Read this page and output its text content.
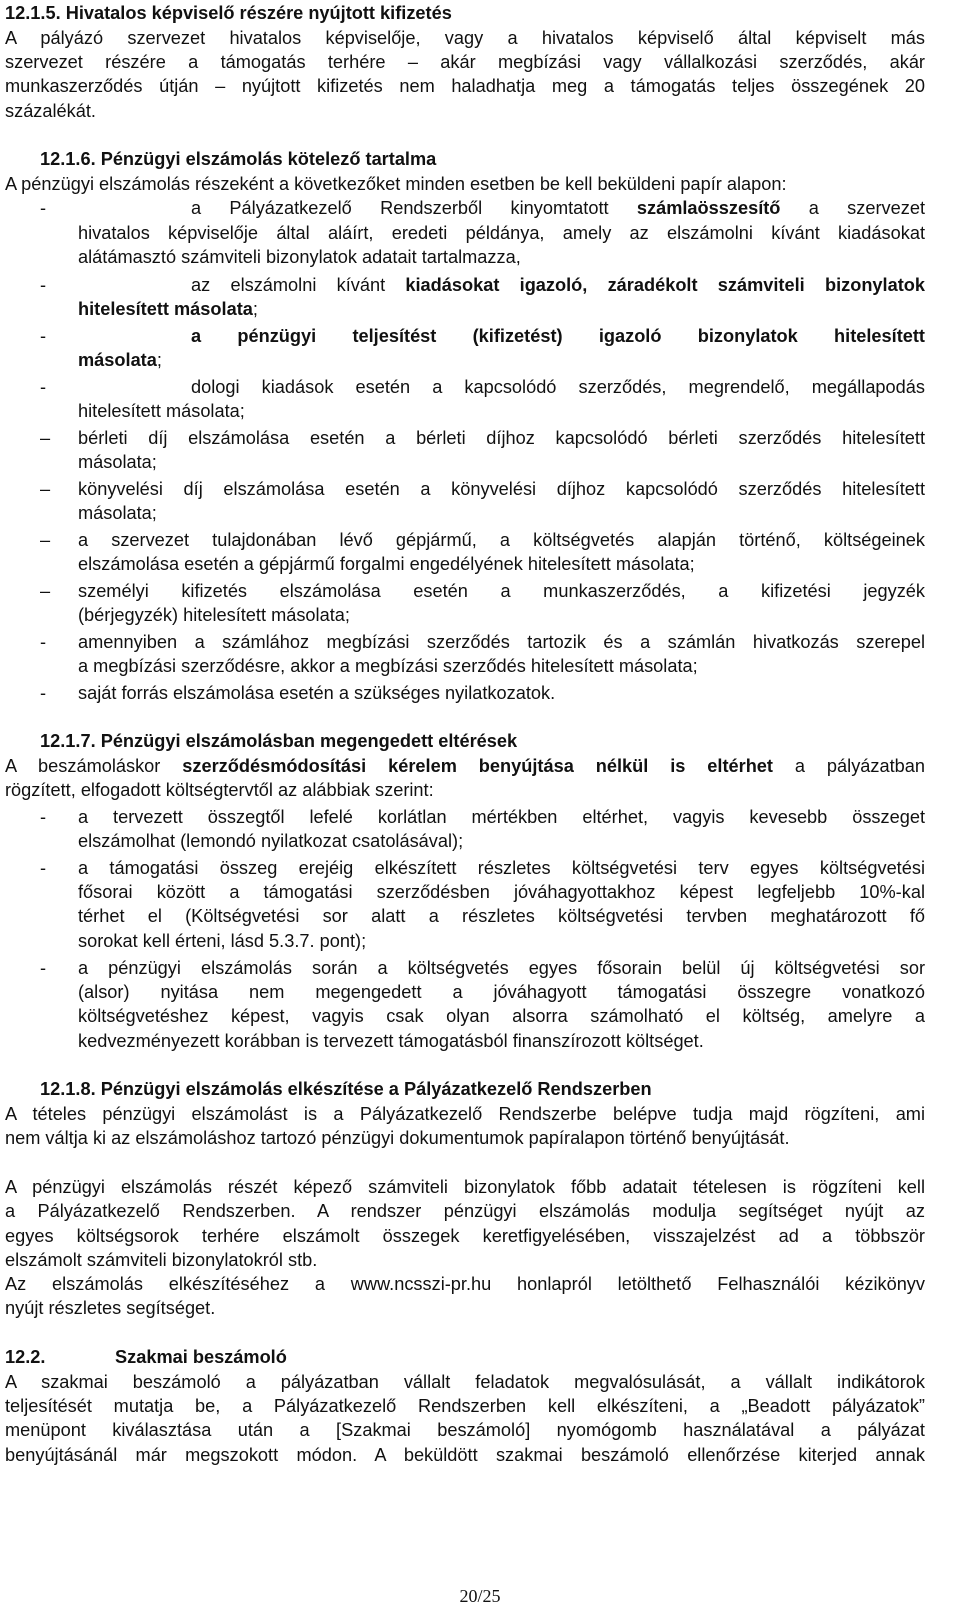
12.1.5. Hivatalos képviselő részére nyújtott kifizetés
A pályázó szervezet hivatalos képviselője, vagy a hivatalos képviselő által képviselt más
szervezet részére a támogatás terhére – akár megbízási vagy vállalkozási szerződés, akár
munkaszerződés útján – nyújtott kifizetés nem haladhatja meg a támogatás teljes összegének 20
százalékát.
12.1.6. Pénzügyi elszámolás kötelező tartalma
A pénzügyi elszámolás részeként a következőket minden esetben be kell beküldeni papír alapon:
-	a Pályázatkezelő Rendszerből kinyomtatott számlaösszesítő a szervezet
hivatalos képviselője által aláírt, eredeti példánya, amely az elszámolni kívánt kiadásokat
alátámasztó számviteli bizonylatok adatait tartalmazza,
-	az elszámolni kívánt kiadásokat igazoló, záradékolt számviteli bizonylatok
hitelesített másolata;
-	a pénzügyi teljesítést (kifizetést) igazoló bizonylatok hitelesített
másolata;
-	dologi kiadások esetén a kapcsolódó szerződés, megrendelő, megállapodás
hitelesített másolata;
– bérleti díj elszámolása esetén a bérleti díjhoz kapcsolódó bérleti szerződés hitelesített
másolata;
– könyvelési díj elszámolása esetén a könyvelési díjhoz kapcsolódó szerződés hitelesített
másolata;
– a szervezet tulajdonában lévő gépjármű, a költségvetés alapján történő, költségeinek
elszámolása esetén a gépjármű forgalmi engedélyének hitelesített másolata;
– személyi kifizetés elszámolása esetén a munkaszerződés, a kifizetési jegyzék
(bérjegyzék) hitelesített másolata;
- amennyiben a számlához megbízási szerződés tartozik és a számlán hivatkozás szerepel
a megbízási szerződésre, akkor a megbízási szerződés hitelesített másolata;
- saját forrás elszámolása esetén a szükséges nyilatkozatok.
12.1.7. Pénzügyi elszámolásban megengedett eltérések
A beszámoláskor szerződésmódosítási kérelem benyújtása nélkül is eltérhet a pályázatban
rögzített, elfogadott költségtervtől az alábbiak szerint:
- a tervezett összegtől lefelé korlátlan mértékben eltérhet, vagyis kevesebb összeget
elszámolhat (lemondó nyilatkozat csatolásával);
- a támogatási összeg erejéig elkészített részletes költségvetési terv egyes költségvetési
fősorai között a támogatási szerződésben jóváhagyottakhoz képest legfeljebb 10%-kal
térhet el (Költségvetési sor alatt a részletes költségvetési tervben meghatározott fő
sorokat kell érteni, lásd 5.3.7. pont);
- a pénzügyi elszámolás során a költségvetés egyes fősorain belül új költségvetési sor
(alsor) nyitása nem megengedett a jóváhagyott támogatási összegre vonatkozó
költségvetéshez képest, vagyis csak olyan alsorra számolható el költség, amelyre a
kedvezményezett korábban is tervezett támogatásból finanszírozott költséget.
12.1.8. Pénzügyi elszámolás elkészítése a Pályázatkezelő Rendszerben
A tételes pénzügyi elszámolást is a Pályázatkezelő Rendszerbe belépve tudja majd rögzíteni, ami
nem váltja ki az elszámoláshoz tartozó pénzügyi dokumentumok papíralapon történő benyújtását.
A pénzügyi elszámolás részét képező számviteli bizonylatok főbb adatait tételesen is rögzíteni kell
a Pályázatkezelő Rendszerben. A rendszer pénzügyi elszámolás modulja segítséget nyújt az
egyes költségsorok terhére elszámolt összegek keretfigyelésében, visszajelzést ad a többször
elszámolt számviteli bizonylatokról stb.
Az elszámolás elkészítéséhez a www.ncsszi-pr.hu honlapról letölthető Felhasználói kézikönyv
nyújt részletes segítséget.
12.2.	Szakmai beszámoló
A szakmai beszámoló a pályázatban vállalt feladatok megvalósulását, a vállalt indikátorok
teljesítését mutatja be, a Pályázatkezelő Rendszerben kell elkészíteni, a „Beadott pályázatok”
menüpont kiválasztása után a [Szakmai beszámoló] nyomógomb használatával a pályázat
benyújtásánál már megszokott módon. A beküldött szakmai beszámoló ellenőrzése kiterjed annak
20/25
